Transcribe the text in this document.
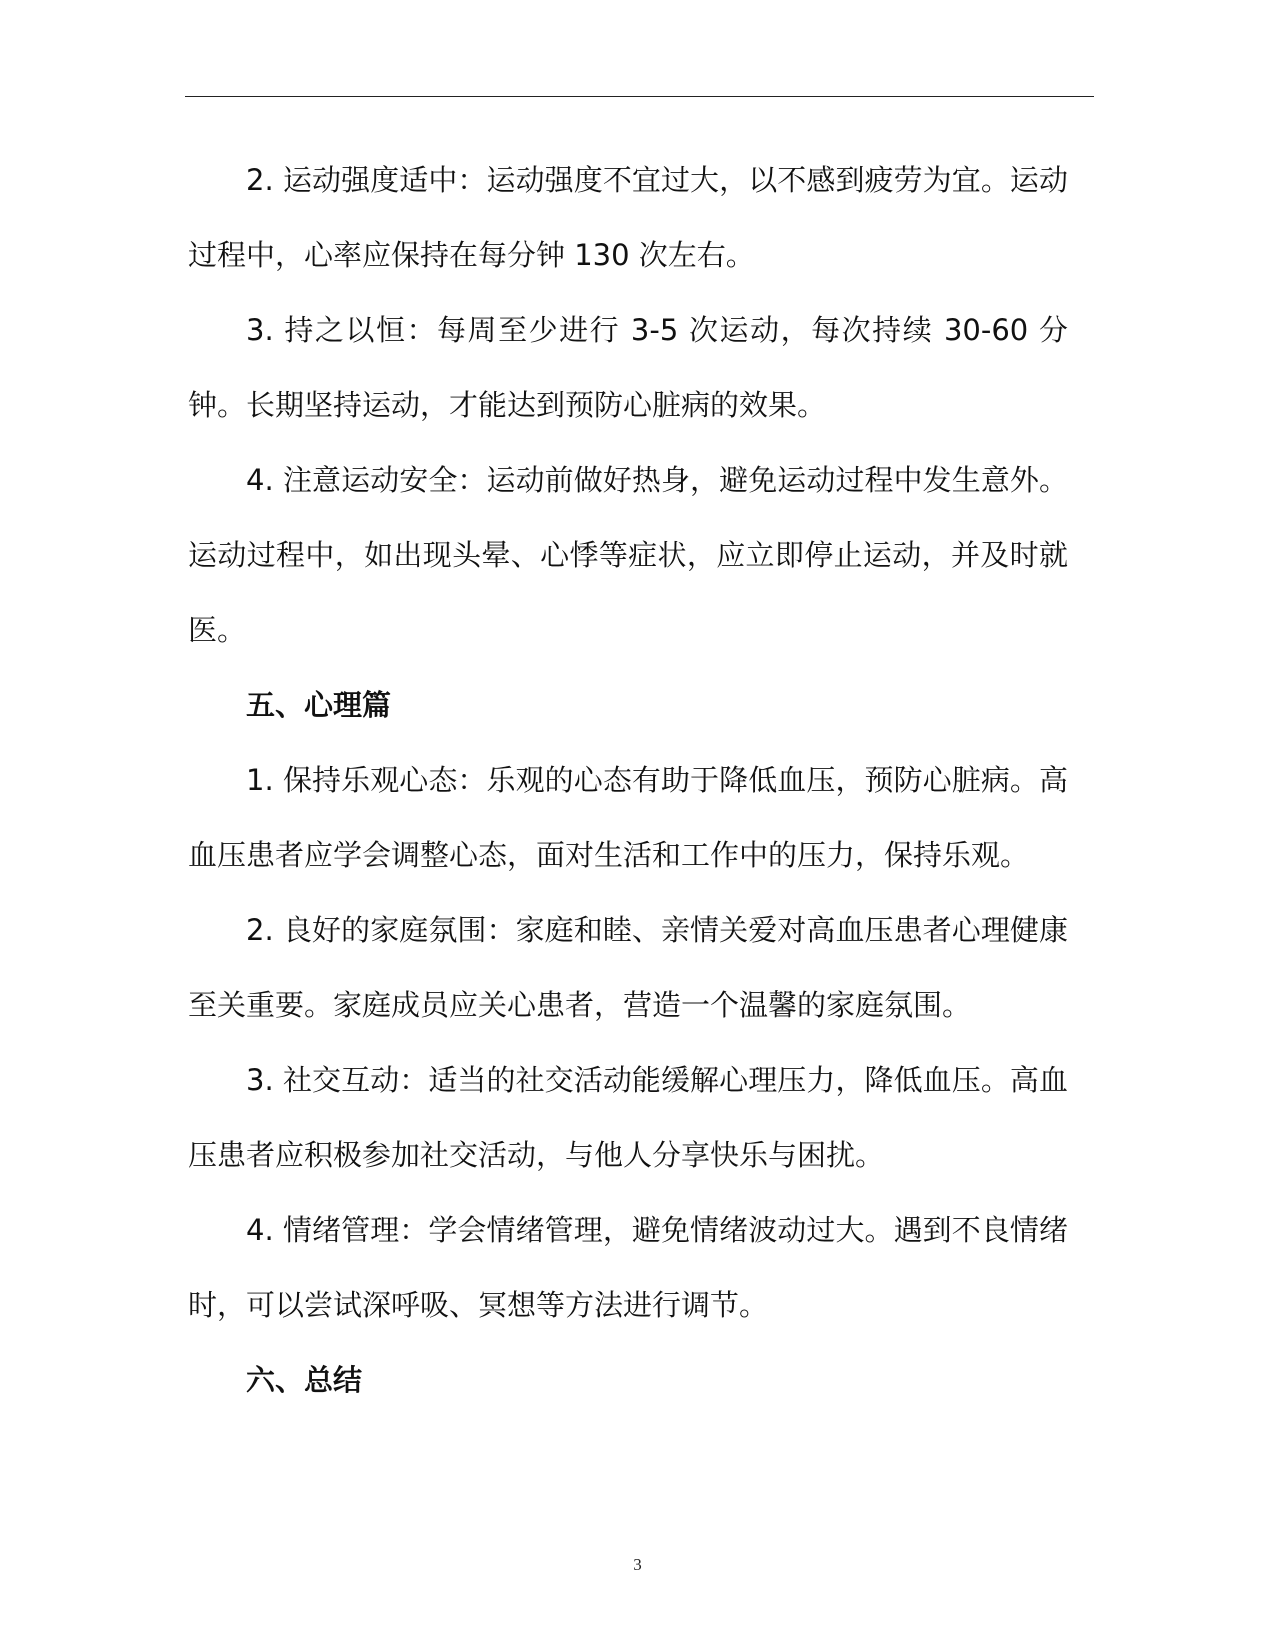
2. 运动强度适中：运动强度不宜过大，以不感到疲劳为宜。运动过程中，心率应保持在每分钟 130 次左右。

3. 持之以恒：每周至少进行 3-5 次运动，每次持续 30-60 分钟。长期坚持运动，才能达到预防心脏病的效果。

4. 注意运动安全：运动前做好热身，避免运动过程中发生意外。运动过程中，如出现头晕、心悸等症状，应立即停止运动，并及时就医。

五、心理篇

1. 保持乐观心态：乐观的心态有助于降低血压，预防心脏病。高血压患者应学会调整心态，面对生活和工作中的压力，保持乐观。

2. 良好的家庭氛围：家庭和睦、亲情关爱对高血压患者心理健康至关重要。家庭成员应关心患者，营造一个温馨的家庭氛围。

3. 社交互动：适当的社交活动能缓解心理压力，降低血压。高血压患者应积极参加社交活动，与他人分享快乐与困扰。

4. 情绪管理：学会情绪管理，避免情绪波动过大。遇到不良情绪时，可以尝试深呼吸、冥想等方法进行调节。

六、总结

3
